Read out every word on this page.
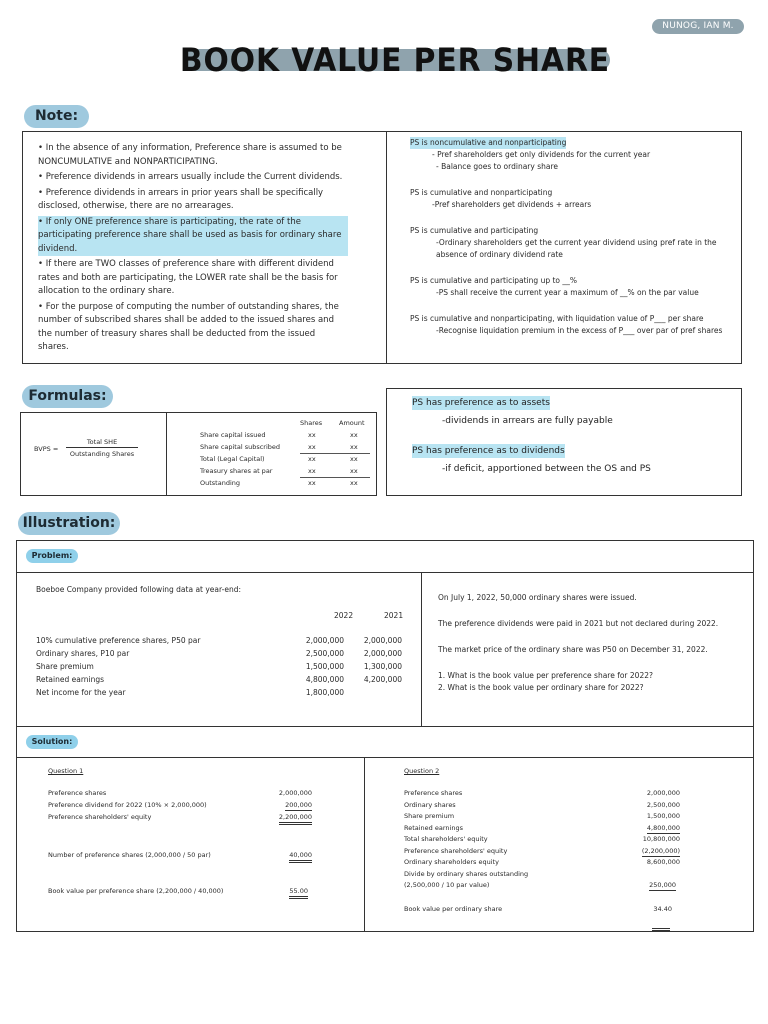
NUNOG, IAN M.
BOOK VALUE PER SHARE
Note:
• In the absence of any information, Preference share is assumed to be NONCUMULATIVE and NONPARTICIPATING.
• Preference dividends in arrears usually include the Current dividends.
• Preference dividends in arrears in prior years shall be specifically disclosed, otherwise, there are no arrearages.
• If only ONE preference share is participating, the rate of the participating preference share shall be used as basis for ordinary share dividend.
• If there are TWO classes of preference share with different dividend rates and both are participating, the LOWER rate shall be the basis for allocation to the ordinary share.
• For the purpose of computing the number of outstanding shares, the number of subscribed shares shall be added to the issued shares and the number of treasury shares shall be deducted from the issued shares.
PS is noncumulative and nonparticipating
- Pref shareholders get only dividends for the current year
- Balance goes to ordinary share
PS is cumulative and nonparticipating
-Pref shareholders get dividends + arrears
PS is cumulative and participating
-Ordinary shareholders get the current year dividend using pref rate in the absence of ordinary dividend rate
PS is cumulative and participating up to __%
-PS shall receive the current year a maximum of __% on the par value
PS is cumulative and nonparticipating, with liquidation value of P___ per share
-Recognise liquidation premium in the excess of P___ over par of pref shares
Formulas:
BVPS =
Total SHE
Outstanding Shares
Shares	Amount
Share capital issued	xx	xx
Share capital subscribed	xx	xx
Total (Legal Capital)	xx	xx
Treasury shares at par	xx	xx
Outstanding	xx	xx
PS has preference as to assets
-dividends in arrears are fully payable
PS has preference as to dividends
-if deficit, apportioned between the OS and PS
Illustration:
Problem:
Boeboe Company provided following data at year-end:
2022	2021
10% cumulative preference shares, P50 par	2,000,000	2,000,000
Ordinary shares, P10 par	2,500,000	2,000,000
Share premium	1,500,000	1,300,000
Retained earnings	4,800,000	4,200,000
Net income for the year	1,800,000
On July 1, 2022, 50,000 ordinary shares were issued.
The preference dividends were paid in 2021 but not declared during 2022.
The market price of the ordinary share was P50 on December 31, 2022.
1. What is the book value per preference share for 2022?
2. What is the book value per ordinary share for 2022?
Solution:
Question 1
Preference shares	2,000,000
Preference dividend for 2022 (10% × 2,000,000)	200,000
Preference shareholders' equity	2,200,000
Number of preference shares (2,000,000 / 50 par)	40,000
Book value per preference share (2,200,000 / 40,000)	55.00
Question 2
Preference shares	2,000,000
Ordinary shares	2,500,000
Share premium	1,500,000
Retained earnings	4,800,000
Total shareholders' equity	10,800,000
Preference shareholders' equity	(2,200,000)
Ordinary shareholders equity	8,600,000
Divide by ordinary shares outstanding
(2,500,000 / 10 par value)	250,000
Book value per ordinary share	34.40
